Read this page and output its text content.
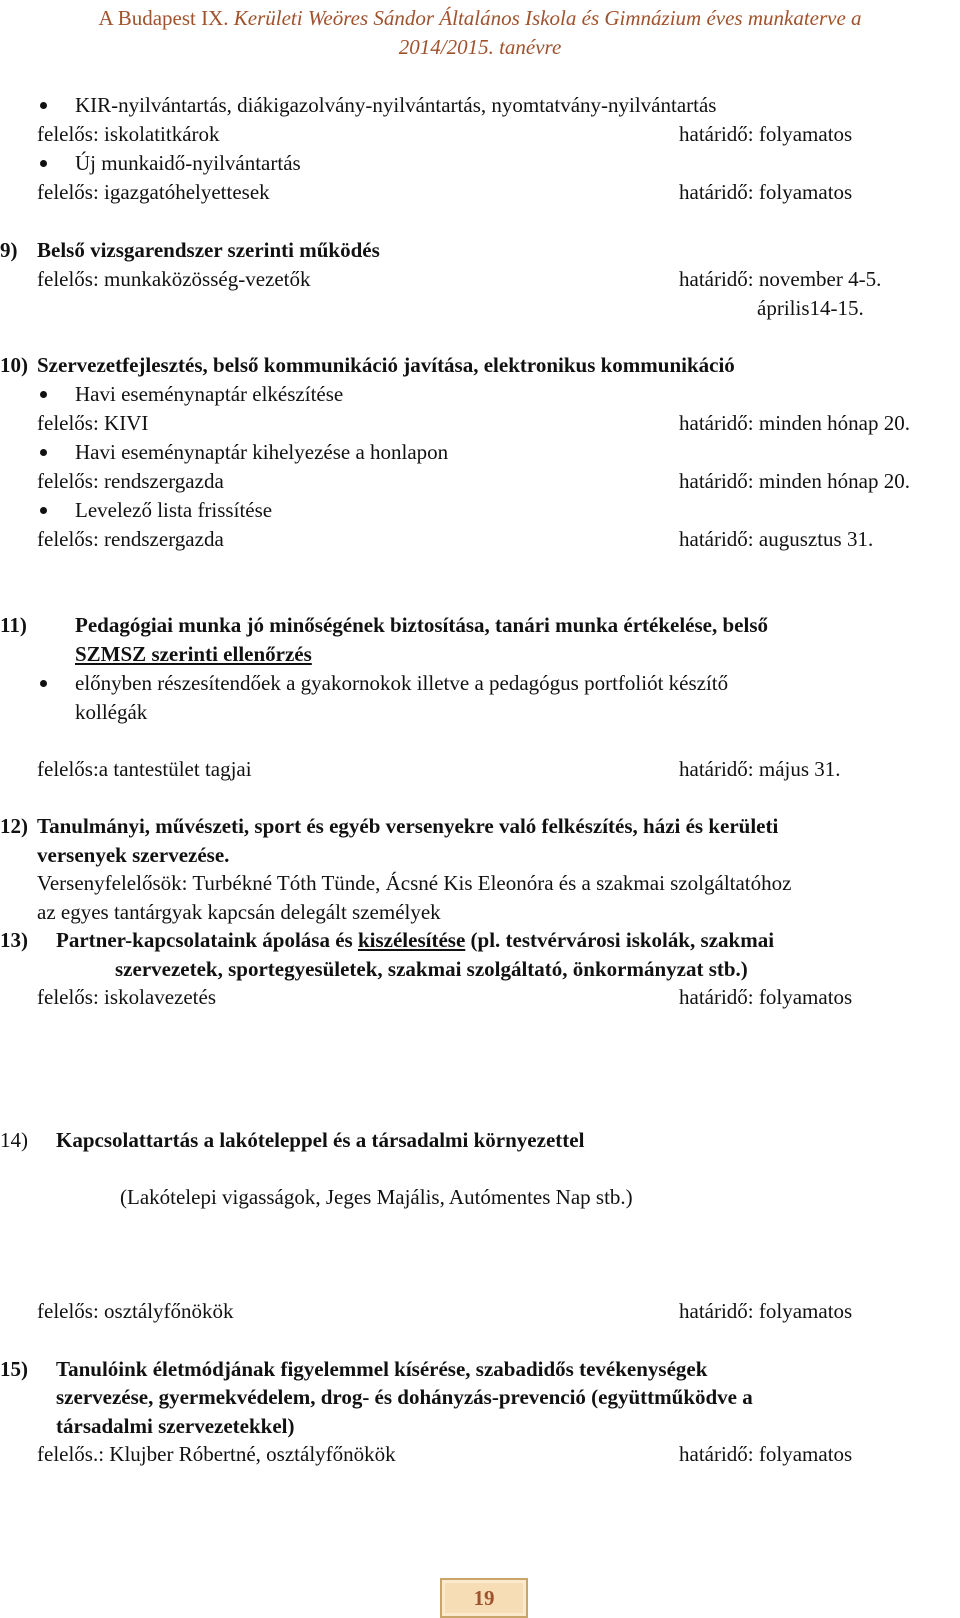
A Budapest IX. Kerületi Weöres Sándor Általános Iskola és Gimnázium éves munkaterve a
2014/2015. tanévre
KIR-nyilvántartás, diákigazolvány-nyilvántartás, nyomtatvány-nyilvántartás
felelős: iskolatitkárok	határidő: folyamatos
Új munkaidő-nyilvántartás
felelős: igazgatóhelyettesek	határidő: folyamatos
9) Belső vizsgarendszer szerinti működés
felelős: munkaközösség-vezetők	határidő: november 4-5.
április14-15.
10) Szervezetfejlesztés, belső kommunikáció javítása, elektronikus kommunikáció
Havi eseménynaptár elkészítése
felelős: KIVI	határidő: minden hónap 20.
Havi eseménynaptár kihelyezése a honlapon
felelős: rendszergazda	határidő: minden hónap 20.
Levelező lista frissítése
felelős: rendszergazda	határidő: augusztus 31.
11) Pedagógiai munka jó minőségének biztosítása, tanári munka értékelése, belső
SZMSZ szerinti ellenőrzés
előnyben részesítendőek a gyakornokok illetve a pedagógus portfoliót készítő
kollégák
felelős:a tantestület tagjai	határidő: május 31.
12) Tanulmányi, művészeti, sport és egyéb versenyekre való felkészítés, házi és kerületi
versenyek szervezése.
Versenyfelelősök: Turbékné Tóth Tünde, Ácsné Kis Eleonóra és a szakmai szolgáltatóhoz
az egyes tantárgyak kapcsán delegált személyek
13) Partner-kapcsolataink ápolása és kiszélesítése (pl. testvérvárosi iskolák, szakmai
szervezetek, sportegyesületek, szakmai szolgáltató, önkormányzat stb.)
felelős: iskolavezetés	határidő: folyamatos
14) Kapcsolattartás a lakóteleppel és a társadalmi környezettel
(Lakótelepi vigasságok, Jeges Majális, Autómentes Nap stb.)
felelős: osztályfőnökök	határidő: folyamatos
15) Tanulóink életmódjának figyelemmel kísérése, szabadidős tevékenységek
szervezése, gyermekvédelem, drog- és dohányzás-prevenció (együttműködve a
társadalmi szervezetekkel)
felelős.: Klujber Róbertné, osztályfőnökök	határidő: folyamatos
19
